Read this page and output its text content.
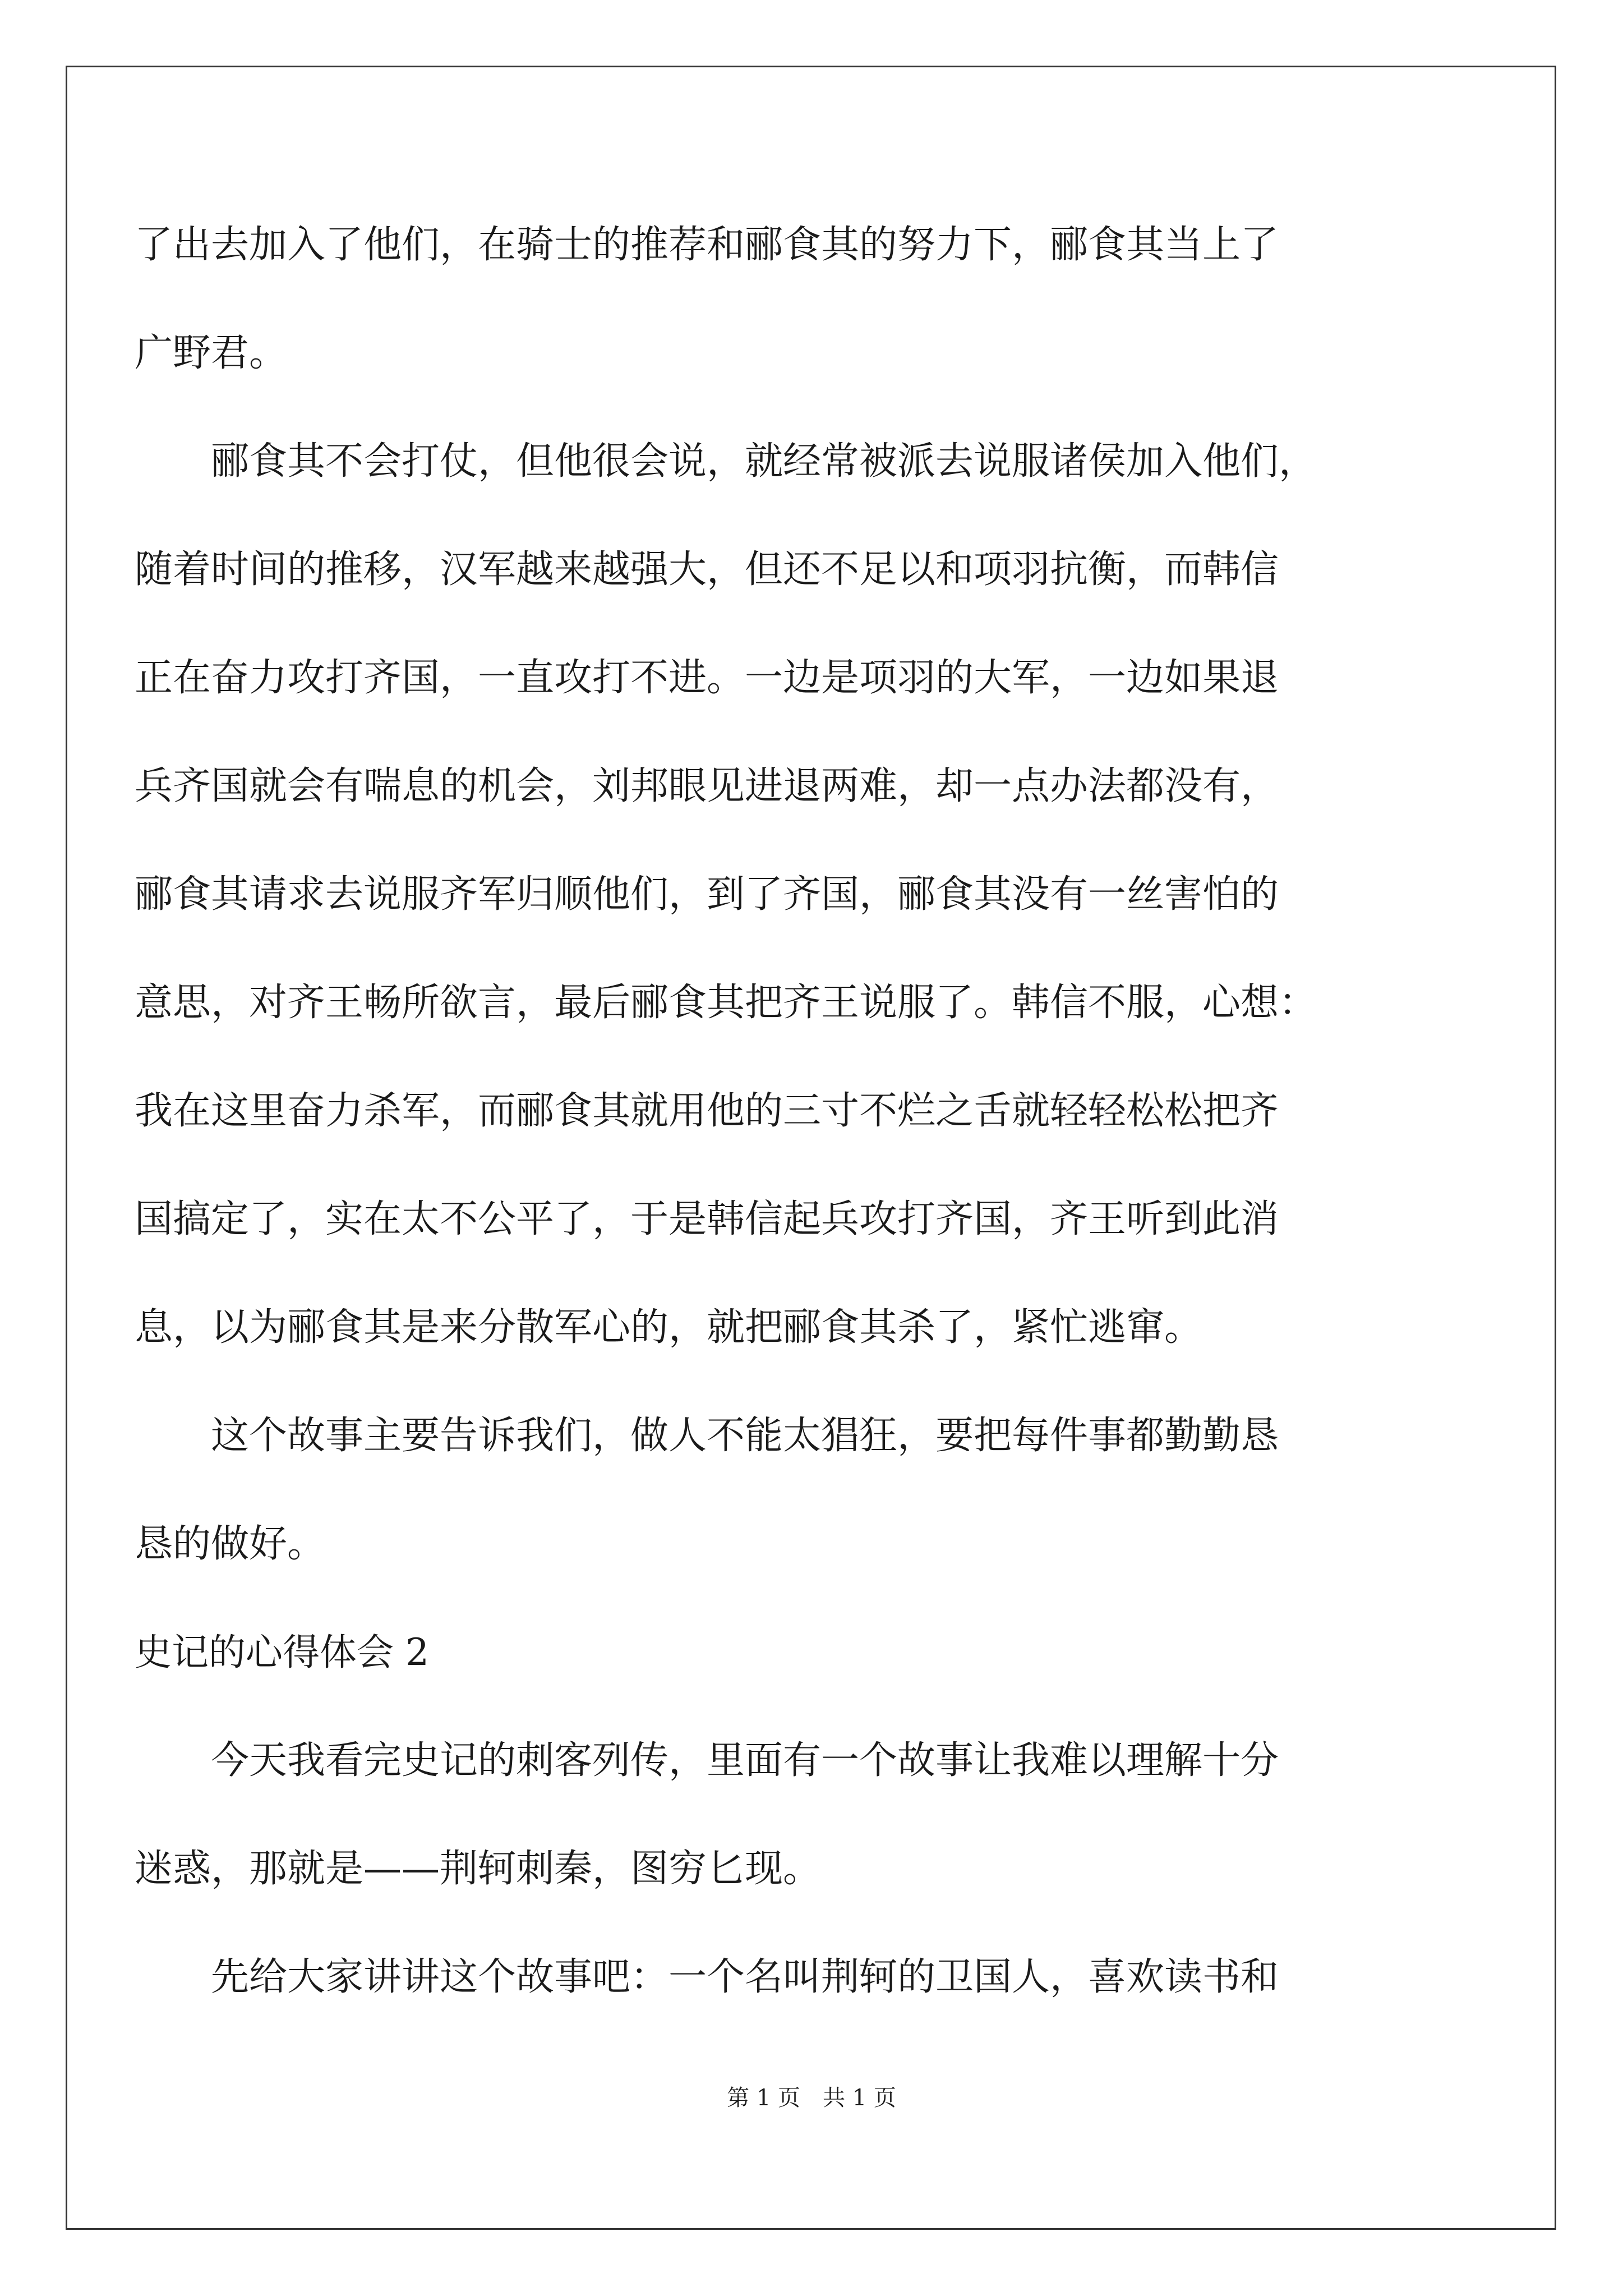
了出去加入了他们，在骑士的推荐和郦食其的努力下，郦食其当上了
广野君。
　　郦食其不会打仗，但他很会说，就经常被派去说服诸侯加入他们，
随着时间的推移，汉军越来越强大，但还不足以和项羽抗衡，而韩信
正在奋力攻打齐国，一直攻打不进。一边是项羽的大军，一边如果退
兵齐国就会有喘息的机会，刘邦眼见进退两难，却一点办法都没有，
郦食其请求去说服齐军归顺他们，到了齐国，郦食其没有一丝害怕的
意思，对齐王畅所欲言，最后郦食其把齐王说服了。韩信不服，心想：
我在这里奋力杀军，而郦食其就用他的三寸不烂之舌就轻轻松松把齐
国搞定了，实在太不公平了，于是韩信起兵攻打齐国，齐王听到此消
息，以为郦食其是来分散军心的，就把郦食其杀了，紧忙逃窜。
　　这个故事主要告诉我们，做人不能太猖狂，要把每件事都勤勤恳
恳的做好。
史记的心得体会 2
　　今天我看完史记的刺客列传，里面有一个故事让我难以理解十分
迷惑，那就是——荆轲刺秦，图穷匕现。
　　先给大家讲讲这个故事吧：一个名叫荆轲的卫国人，喜欢读书和
第 1 页　共 1 页
